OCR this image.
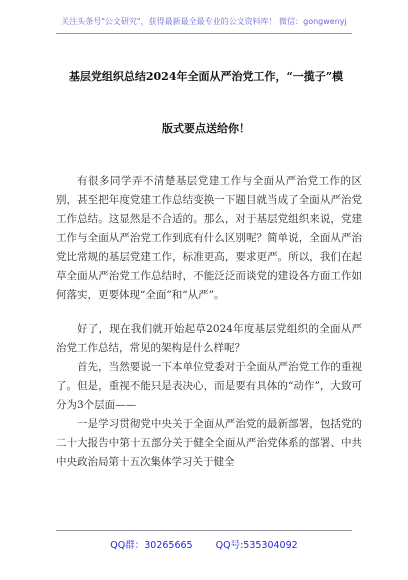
关注头条号"公文研究"，获得最新最全最专业的公文资料库！ 微信：gongwenyj
基层党组织总结2024年全面从严治党工作，“一揽子”模
版式要点送给你！
有很多同学弄不清楚基层党建工作与全面从严治党工作的区别，甚至把年度党建工作总结变换一下题目就当成了全面从严治党工作总结。这显然是不合适的。那么，对于基层党组织来说，党建工作与全面从严治党工作到底有什么区别呢？简单说，全面从严治党比常规的基层党建工作，标准更高，要求更严。所以，我们在起草全面从严治党工作总结时，不能泛泛而谈党的建设各方面工作如何落实，更要体现“全面”和“从严”。
好了，现在我们就开始起草2024年度基层党组织的全面从严治党工作总结，常见的架构是什么样呢？
首先，当然要说一下本单位党委对于全面从严治党工作的重视了。但是，重视不能只是表决心，而是要有具体的“动作”，大致可分为3个层面——
一是学习贯彻党中央关于全面从严治党的最新部署，包括党的二十大报告中第十五部分关于健全全面从严治党体系的部署、中共中央政治局第十五次集体学习关于健全
QQ群：30265665 QQ号:535304092
